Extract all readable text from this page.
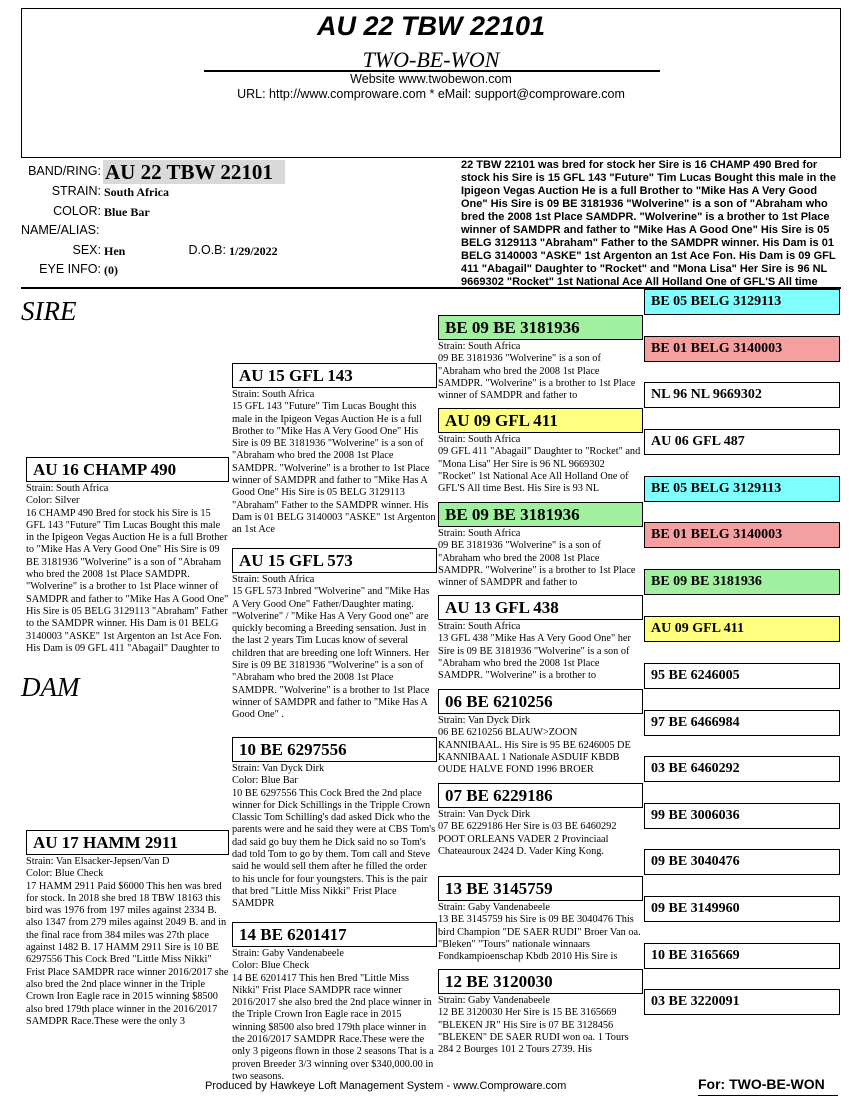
AU 22 TBW 22101
TWO-BE-WON
Website www.twobewon.com
URL: http://www.comproware.com * eMail: support@comproware.com
BAND/RING: AU 22 TBW 22101
STRAIN: South Africa
COLOR: Blue Bar
NAME/ALIAS:
SEX: Hen	D.O.B: 1/29/2022
EYE INFO: (0)
22 TBW 22101 was bred for stock her Sire is 16 CHAMP 490 Bred for stock his Sire is 15 GFL 143 "Future" Tim Lucas Bought this male in the Ipigeon Vegas Auction He is a full Brother to "Mike Has A Very Good One" His Sire is 09 BE 3181936 "Wolverine" is a son of "Abraham who bred the 2008 1st Place SAMDPR. "Wolverine" is a brother to 1st Place winner of SAMDPR and father to "Mike Has A Good One" His Sire is 05 BELG 3129113 "Abraham" Father to the SAMDPR winner. His Dam is 01 BELG 3140003 "ASKE" 1st Argenton an 1st Ace Fon. His Dam is 09 GFL 411 "Abagail" Daughter to "Rocket" and "Mona Lisa" Her Sire is 96 NL 9669302 "Rocket" 1st National Ace All Holland One of GFL'S All time
SIRE
DAM
AU 16 CHAMP 490
Strain: South Africa
Color: Silver
16 CHAMP 490 Bred for stock his Sire is 15 GFL 143 "Future" Tim Lucas Bought this male in the Ipigeon Vegas Auction He is a full Brother to "Mike Has A Very Good One" His Sire is 09 BE 3181936 "Wolverine" is a son of "Abraham who bred the 2008 1st Place SAMDPR. "Wolverine" is a brother to 1st Place winner of SAMDPR and father to "Mike Has A Good One" His Sire is 05 BELG 3129113 "Abraham" Father to the SAMDPR winner. His Dam is 01 BELG 3140003 "ASKE" 1st Argenton an 1st Ace Fon. His Dam is 09 GFL 411 "Abagail" Daughter to
AU 17 HAMM 2911
Strain: Van Elsacker-Jepsen/Van D
Color: Blue Check
17 HAMM 2911 Paid $6000 This hen was bred for stock. In 2018 she bred 18 TBW 18163 this bird was 1976 from 197 miles against 2334 B. also 1347 from 279 miles against 2049 B. and in the final race from 384 miles was 27th place against 1482 B. 17 HAMM 2911 Sire is 10 BE 6297556 This Cock Bred "Little Miss Nikki" Frist Place SAMDPR race winner 2016/2017 she also bred the 2nd place winner in the Triple Crown Iron Eagle race in 2015 winning $8500 also bred 179th place winner in the 2016/2017 SAMDPR Race.These were the only 3
AU 15 GFL 143
Strain: South Africa
15 GFL 143 "Future" Tim Lucas Bought this male in the Ipigeon Vegas Auction He is a full Brother to "Mike Has A Very Good One" His Sire is 09 BE 3181936 "Wolverine" is a son of "Abraham who bred the 2008 1st Place SAMDPR. "Wolverine" is a brother to 1st Place winner of SAMDPR and father to "Mike Has A Good One" His Sire is 05 BELG 3129113 "Abraham" Father to the SAMDPR winner. His Dam is 01 BELG 3140003 "ASKE" 1st Argenton an 1st Ace
AU 15 GFL 573
Strain: South Africa
15 GFL 573 Inbred "Wolverine" and "Mike Has A Very Good One" Father/Daughter mating. "Wolverine" / "Mike Has A Very Good one" are quickly becoming a Breeding sensation. Just in the last 2 years Tim Lucas know of several children that are breeding one loft Winners. Her Sire is 09 BE 3181936 "Wolverine" is a son of "Abraham who bred the 2008 1st Place SAMDPR. "Wolverine" is a brother to 1st Place winner of SAMDPR and father to "Mike Has A Good One" .
10 BE 6297556
Strain: Van Dyck Dirk
Color: Blue Bar
10 BE 6297556 This Cock Bred the 2nd place winner for Dick Schillings in the Tripple Crown Classic Tom Schilling's dad asked Dick who the parents were and he said they were at CBS Tom's dad said go buy them he Dick said no so Tom's dad told Tom to go by them. Tom call and Steve said he would sell them after he filled the order to his uncle for four youngsters. This is the pair that bred "Little Miss Nikki" Frist Place SAMDPR
14 BE 6201417
Strain: Gaby Vandenabeele
Color: Blue Check
14 BE 6201417 This hen Bred "Little Miss Nikki" Frist Place SAMDPR race winner 2016/2017 she also bred the 2nd place winner in the Triple Crown Iron Eagle race in 2015 winning $8500 also bred 179th place winner in the 2016/2017 SAMDPR Race.These were the only 3 pigeons flown in those 2 seasons That is a proven Breeder 3/3 winning over $340,000.00 in two seasons.
BE 09 BE 3181936
Strain: South Africa
09 BE 3181936 "Wolverine" is a son of "Abraham who bred the 2008 1st Place SAMDPR. "Wolverine" is a brother to 1st Place winner of SAMDPR and father to
AU 09 GFL 411
Strain: South Africa
09 GFL 411 "Abagail" Daughter to "Rocket" and "Mona Lisa" Her Sire is 96 NL 9669302 "Rocket" 1st National Ace All Holland One of GFL'S All time Best. His Sire is 93 NL
BE 09 BE 3181936
Strain: South Africa
09 BE 3181936 "Wolverine" is a son of "Abraham who bred the 2008 1st Place SAMDPR. "Wolverine" is a brother to 1st Place winner of SAMDPR and father to
AU 13 GFL 438
Strain: South Africa
13 GFL 438 "Mike Has A Very Good One" her Sire is 09 BE 3181936 "Wolverine" is a son of "Abraham who bred the 2008 1st Place SAMDPR. "Wolverine" is a brother to
06 BE 6210256
Strain: Van Dyck Dirk
06 BE 6210256 BLAUW>ZOON KANNIBAAL. His Sire is 95 BE 6246005 DE KANNIBAAL 1 Nationale ASDUIF KBDB OUDE HALVE FOND 1996 BROER
07 BE 6229186
Strain: Van Dyck Dirk
07 BE 6229186 Her Sire is 03 BE 6460292 POOT ORLEANS VADER 2 Provinciaal Chateauroux 2424 D. Vader King Kong.
13 BE 3145759
Strain: Gaby Vandenabeele
13 BE 3145759 his Sire is 09 BE 3040476 This bird Champion "DE SAER RUDI" Broer Van oa. "Bleken" "Tours" nationale winnaars Fondkampioenschap Kbdb 2010 His Sire is
12 BE 3120030
Strain: Gaby Vandenabeele
12 BE 3120030 Her Sire is 15 BE 3165669 "BLEKEN JR" His Sire is 07 BE 3128456 "BLEKEN" DE SAER RUDI won oa. 1 Tours 284 2 Bourges 101 2 Tours 2739. His
BE 05 BELG 3129113
BE 01 BELG 3140003
NL 96 NL 9669302
AU 06 GFL 487
BE 05 BELG 3129113
BE 01 BELG 3140003
BE 09 BE 3181936
AU 09 GFL 411
95 BE 6246005
97 BE 6466984
03 BE 6460292
99 BE 3006036
09 BE 3040476
09 BE 3149960
10 BE 3165669
03 BE 3220091
Produced by Hawkeye Loft Management System - www.Comproware.com	For: TWO-BE-WON
